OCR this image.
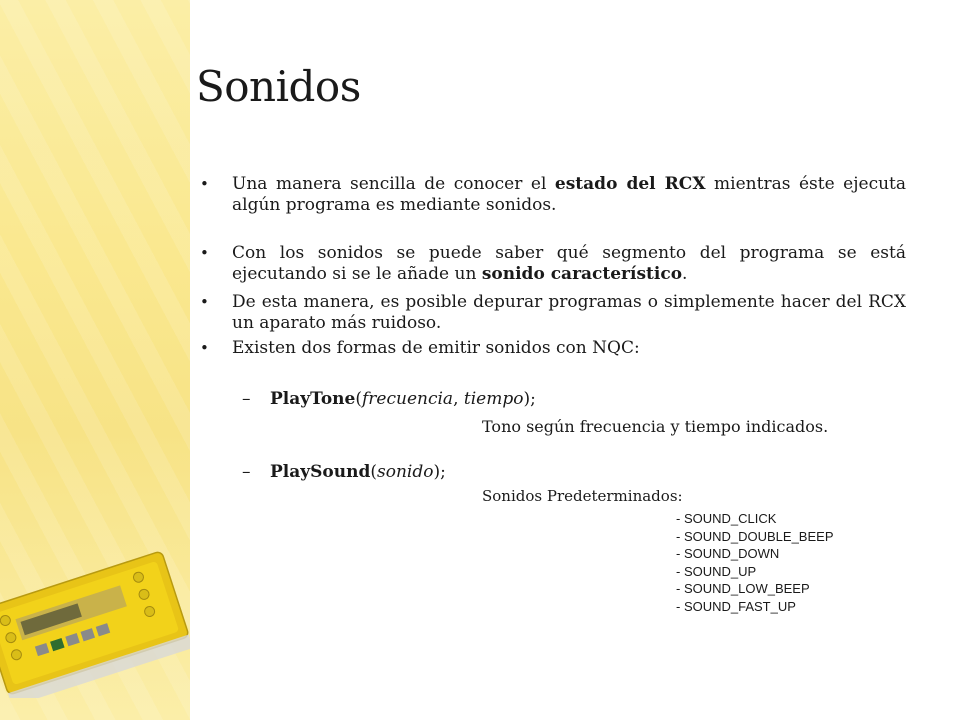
Sonidos
• Una manera sencilla de conocer el estado del RCX mientras éste ejecuta algún programa es mediante sonidos.
• Con los sonidos se puede saber qué segmento del programa se está ejecutando si se le añade un sonido característico.
• De esta manera, es posible depurar programas o simplemente hacer del RCX un aparato más ruidoso.
• Existen dos formas de emitir sonidos con NQC:
– PlayTone(frecuencia, tiempo);
Tono según frecuencia y tiempo indicados.
– PlaySound(sonido);
Sonidos Predeterminados:
- SOUND_CLICK
- SOUND_DOUBLE_BEEP
- SOUND_DOWN
- SOUND_UP
- SOUND_LOW_BEEP
- SOUND_FAST_UP
